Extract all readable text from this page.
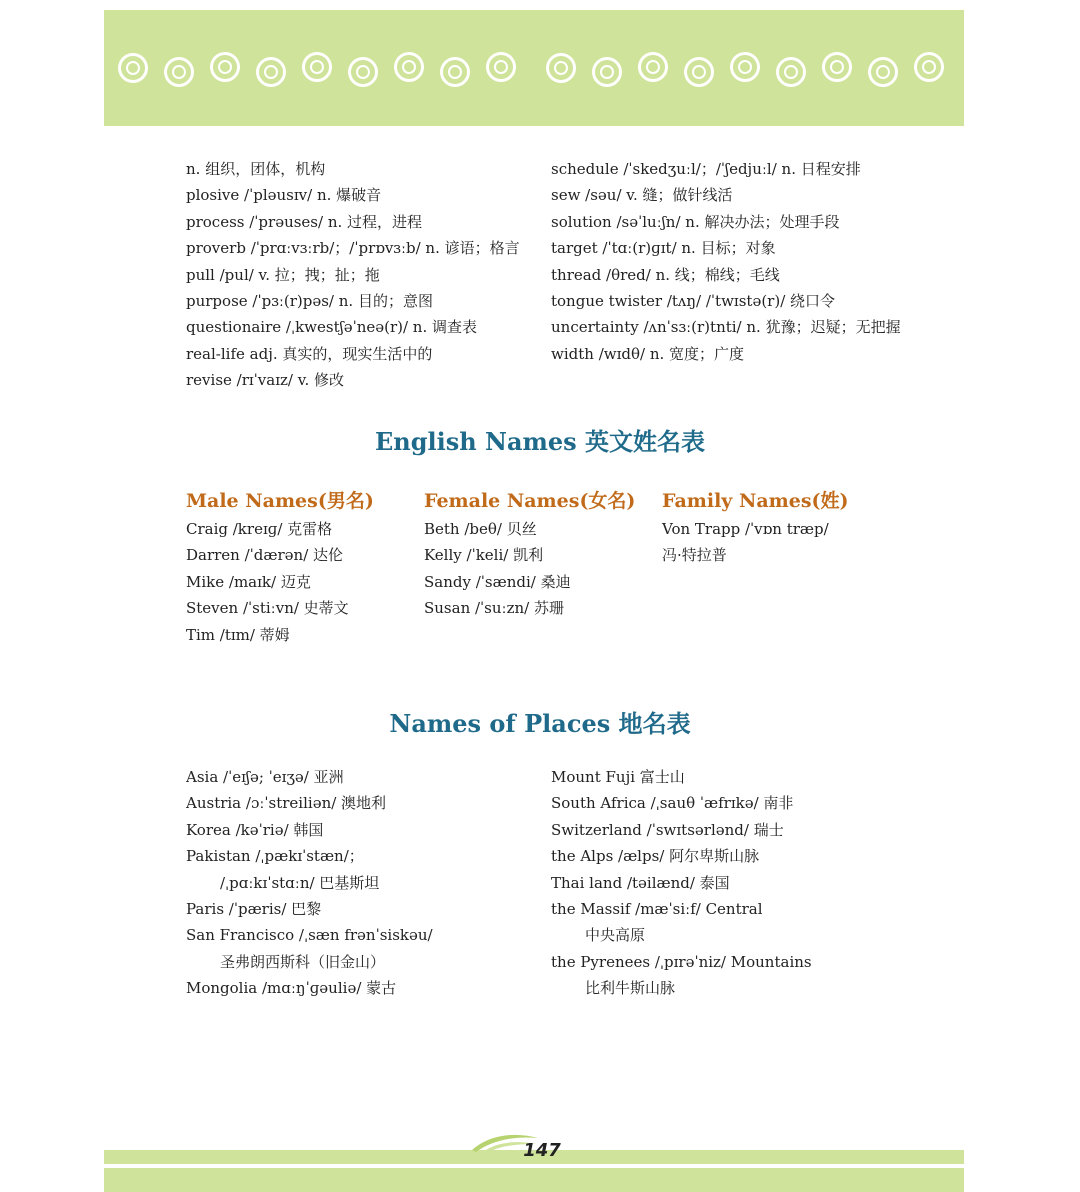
n. 组织，团体，机构
plosive /ˈpləusɪv/ n. 爆破音
process /ˈprəuses/ n. 过程，进程
proverb /ˈprɑːvɜːrb/；/ˈprɒvɜːb/ n. 谚语；格言
pull /pul/ v. 拉；拽；扯；拖
purpose /ˈpɜː(r)pəs/ n. 目的；意图
questionaire /ˌkwestʃəˈneə(r)/ n. 调查表
real-life adj. 真实的，现实生活中的
revise /rɪˈvaɪz/ v. 修改
schedule /ˈskedʒuːl/；/ˈʃedjuːl/ n. 日程安排
sew /səu/ v. 缝；做针线活
solution /səˈluːʃn/ n. 解决办法；处理手段
target /ˈtɑː(r)ɡɪt/ n. 目标；对象
thread /θred/ n. 线；棉线；毛线
tongue twister /tʌŋ/ /ˈtwɪstə(r)/ 绕口令
uncertainty /ʌnˈsɜː(r)tnti/ n. 犹豫；迟疑；无把握
width /wɪdθ/ n. 宽度；广度
English Names 英文姓名表
Male Names(男名)	Female Names(女名) Family Names(姓)
Craig /kreɪɡ/ 克雷格
Darren /ˈdærən/ 达伦
Mike /maɪk/ 迈克
Steven /ˈstiːvn/ 史蒂文
Tim /tɪm/ 蒂姆
Beth /beθ/ 贝丝
Kelly /ˈkeli/ 凯利
Sandy /ˈsændi/ 桑迪
Susan /ˈsuːzn/ 苏珊
Von Trapp /ˈvɒn træp/
冯·特拉普
Names of Places 地名表
Asia /ˈeɪʃə; ˈeɪʒə/ 亚洲
Austria /ɔːˈstreiliən/ 澳地利
Korea /kəˈriə/ 韩国
Pakistan /ˌpækɪˈstæn/；
/ˌpɑːkɪˈstɑːn/ 巴基斯坦
Paris /ˈpæris/ 巴黎
San Francisco /ˌsæn frənˈsiskəu/
圣弗朗西斯科（旧金山）
Mongolia /mɑːŋˈɡəuliə/ 蒙古
Mount Fuji 富士山
South Africa /ˌsauθ ˈæfrɪkə/ 南非
Switzerland /ˈswɪtsərlənd/ 瑞士
the Alps /ælps/ 阿尔卑斯山脉
Thai land /təilænd/ 泰国
the Massif /mæˈsiːf/ Central
中央高原
the Pyrenees /ˌpɪrəˈniz/ Mountains
比利牛斯山脉
147
